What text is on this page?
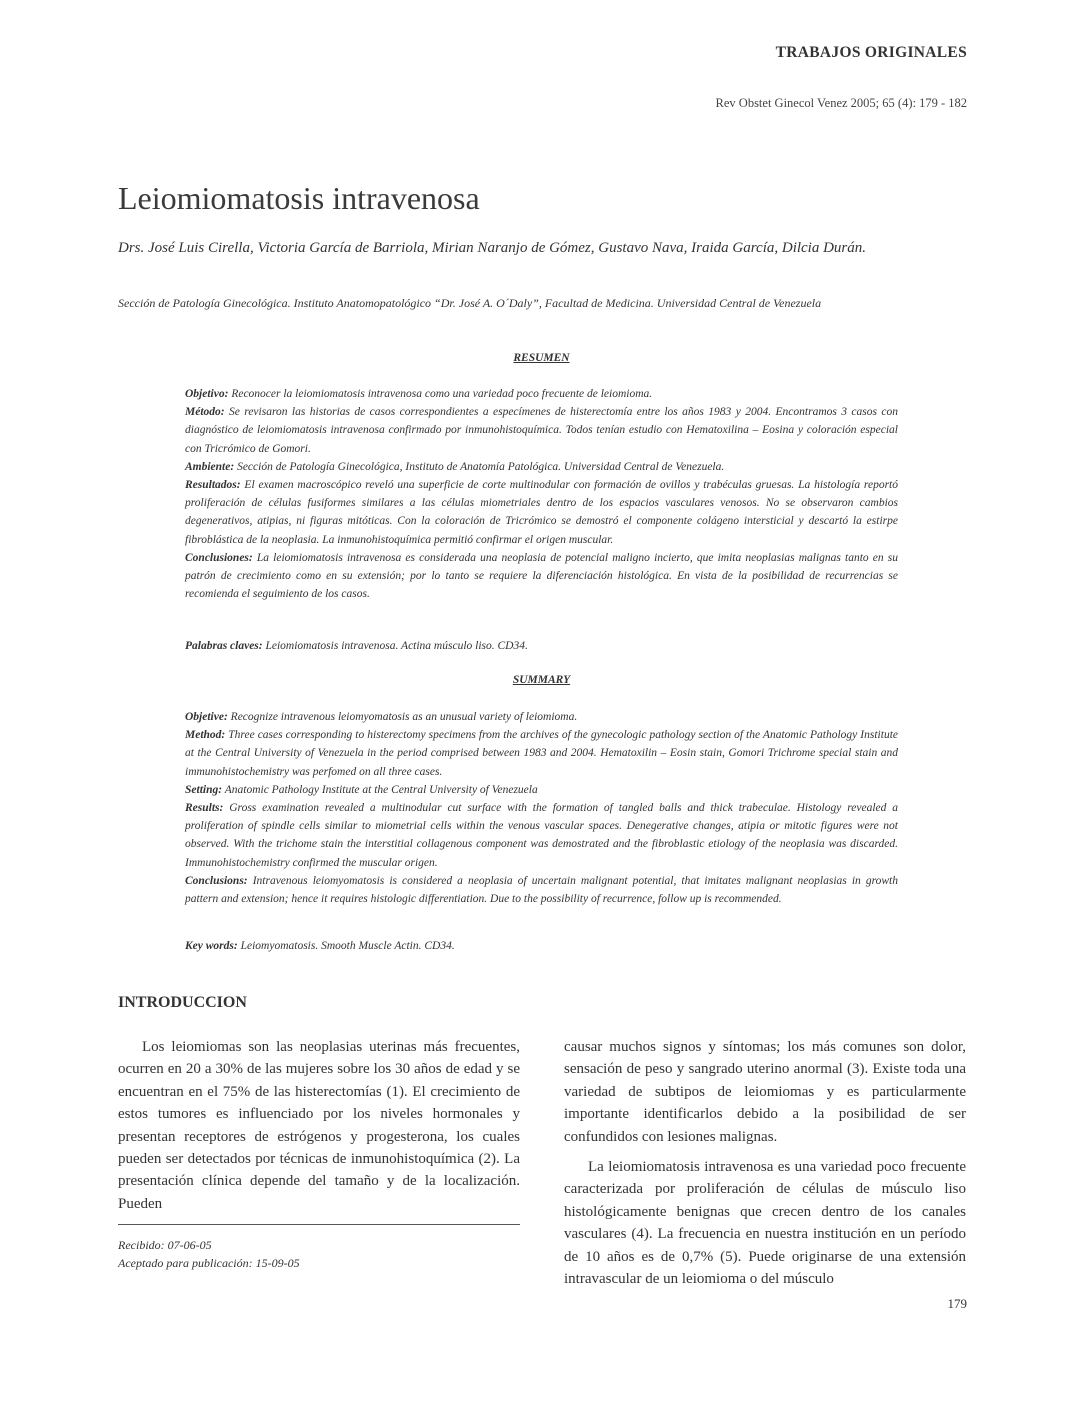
TRABAJOS ORIGINALES
Rev Obstet Ginecol Venez 2005; 65 (4): 179 - 182
Leiomiomatosis intravenosa
Drs. José Luis Cirella, Victoria García de Barriola, Mirian Naranjo de Gómez, Gustavo Nava, Iraida García, Dilcia Durán.
Sección de Patología Ginecológica. Instituto Anatomopatológico “Dr. José A. O´Daly”, Facultad de Medicina. Universidad Central de Venezuela
RESUMEN

Objetivo: Reconocer la leiomiomatosis intravenosa como una variedad poco frecuente de leiomioma.

Método: Se revisaron las historias de casos correspondientes a especímenes de histerectomía entre los años 1983 y 2004. Encontramos 3 casos con diagnóstico de leiomiomatosis intravenosa confirmado por inmunohistoquímica. Todos tenían estudio con Hematoxilina – Eosina y coloración especial con Tricrómico de Gomori.

Ambiente: Sección de Patología Ginecológica, Instituto de Anatomía Patológica. Universidad Central de Venezuela.

Resultados: El examen macroscópico reveló una superficie de corte multinodular con formación de ovillos y trabéculas gruesas. La histología reportó proliferación de células fusiformes similares a las células miometriales dentro de los espacios vasculares venosos. No se observaron cambios degenerativos, atipias, ni figuras mitóticas. Con la coloración de Tricrómico se demostró el componente colágeno intersticial y descartó la estirpe fibroblástica de la neoplasia. La inmunohistoquímica permitió confirmar el origen muscular.

Conclusiones: La leiomiomatosis intravenosa es considerada una neoplasia de potencial maligno incierto, que imita neoplasias malignas tanto en su patrón de crecimiento como en su extensión; por lo tanto se requiere la diferenciación histológica. En vista de la posibilidad de recurrencias se recomienda el seguimiento de los casos.

Palabras claves: Leiomiomatosis intravenosa. Actina músculo liso. CD34.
SUMMARY

Objetive: Recognize intravenous leiomyomatosis as an unusual variety of leiomioma.

Method: Three cases corresponding to histerectomy specimens from the archives of the gynecologic pathology section of the Anatomic Pathology Institute at the Central University of Venezuela in the period comprised between 1983 and 2004. Hematoxilin – Eosin stain, Gomori Trichrome special stain and immunohistochemistry was perfomed on all three cases.

Setting: Anatomic Pathology Institute at the Central University of Venezuela

Results: Gross examination revealed a multinodular cut surface with the formation of tangled balls and thick trabeculae. Histology revealed a proliferation of spindle cells similar to miometrial cells within the venous vascular spaces. Denegerative changes, atipia or mitotic figures were not observed. With the trichome stain the interstitial collagenous component was demostrated and the fibroblastic etiology of the neoplasia was discarded. Immunohistochemistry confirmed the muscular origen.

Conclusions: Intravenous leiomyomatosis is considered a neoplasia of uncertain malignant potential, that imitates malignant neoplasias in growth pattern and extension; hence it requires histologic differentiation. Due to the possibility of recurrence, follow up is recommended.

Key words: Leiomyomatosis. Smooth Muscle Actin. CD34.
INTRODUCCION

Los leiomiomas son las neoplasias uterinas más frecuentes, ocurren en 20 a 30% de las mujeres sobre los 30 años de edad y se encuentran en el 75% de las histerectomías (1). El crecimiento de estos tumores es influenciado por los niveles hormonales y presentan receptores de estrógenos y progesterona, los cuales pueden ser detectados por técnicas de inmunohistoquímica (2). La presentación clínica depende del tamaño y de la localización. Pueden

causar muchos signos y síntomas; los más comunes son dolor, sensación de peso y sangrado uterino anormal (3). Existe toda una variedad de subtipos de leiomiomas y es particularmente importante identificarlos debido a la posibilidad de ser confundidos con lesiones malignas.

La leiomiomatosis intravenosa es una variedad poco frecuente caracterizada por proliferación de células de músculo liso histológicamente benignas que crecen dentro de los canales vasculares (4). La frecuencia en nuestra institución en un período de 10 años es de 0,7% (5). Puede originarse de una extensión intravascular de un leiomioma o del músculo

Recibido: 07-06-05
Aceptado para publicación: 15-09-05
179
